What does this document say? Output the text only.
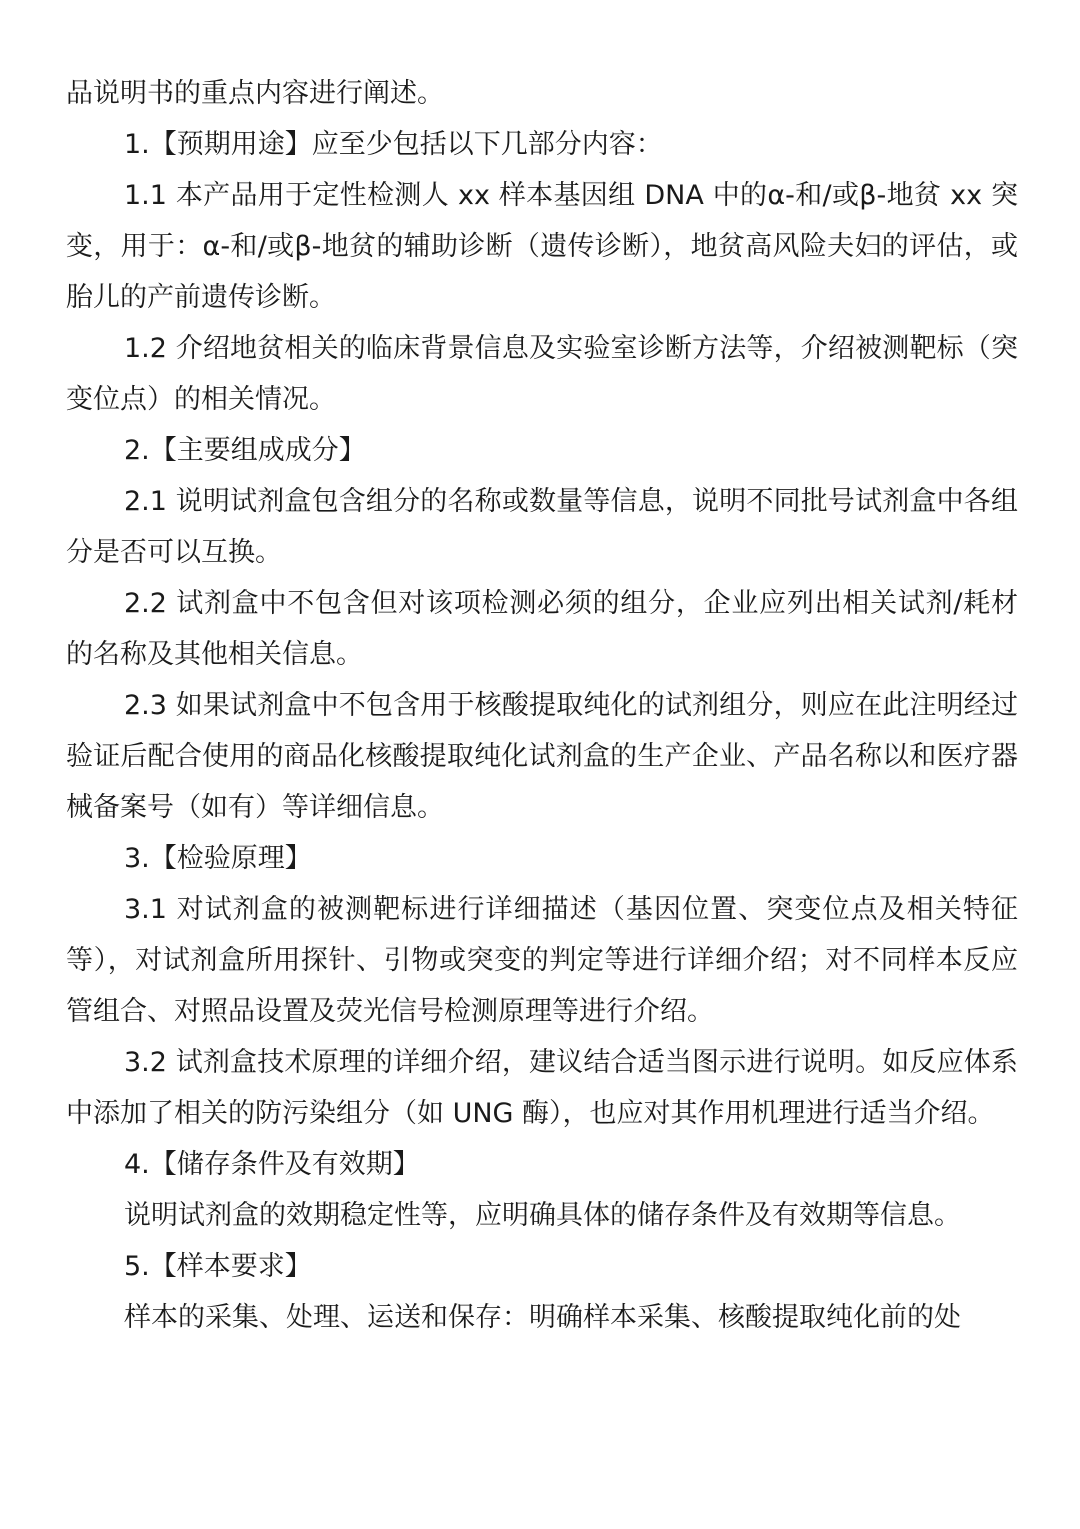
品说明书的重点内容进行阐述。

1.【预期用途】应至少包括以下几部分内容：

1.1 本产品用于定性检测人 xx 样本基因组 DNA 中的α-和/或β-地贫 xx 突变，用于：α-和/或β-地贫的辅助诊断（遗传诊断），地贫高风险夫妇的评估，或胎儿的产前遗传诊断。

1.2 介绍地贫相关的临床背景信息及实验室诊断方法等，介绍被测靶标（突变位点）的相关情况。

2.【主要组成成分】

2.1 说明试剂盒包含组分的名称或数量等信息，说明不同批号试剂盒中各组分是否可以互换。

2.2 试剂盒中不包含但对该项检测必须的组分，企业应列出相关试剂/耗材的名称及其他相关信息。

2.3 如果试剂盒中不包含用于核酸提取纯化的试剂组分，则应在此注明经过验证后配合使用的商品化核酸提取纯化试剂盒的生产企业、产品名称以和医疗器械备案号（如有）等详细信息。

3.【检验原理】

3.1 对试剂盒的被测靶标进行详细描述（基因位置、突变位点及相关特征等），对试剂盒所用探针、引物或突变的判定等进行详细介绍；对不同样本反应管组合、对照品设置及荧光信号检测原理等进行介绍。

3.2 试剂盒技术原理的详细介绍，建议结合适当图示进行说明。如反应体系中添加了相关的防污染组分（如 UNG 酶），也应对其作用机理进行适当介绍。

4.【储存条件及有效期】

说明试剂盒的效期稳定性等，应明确具体的储存条件及有效期等信息。

5.【样本要求】

样本的采集、处理、运送和保存：明确样本采集、核酸提取纯化前的处
